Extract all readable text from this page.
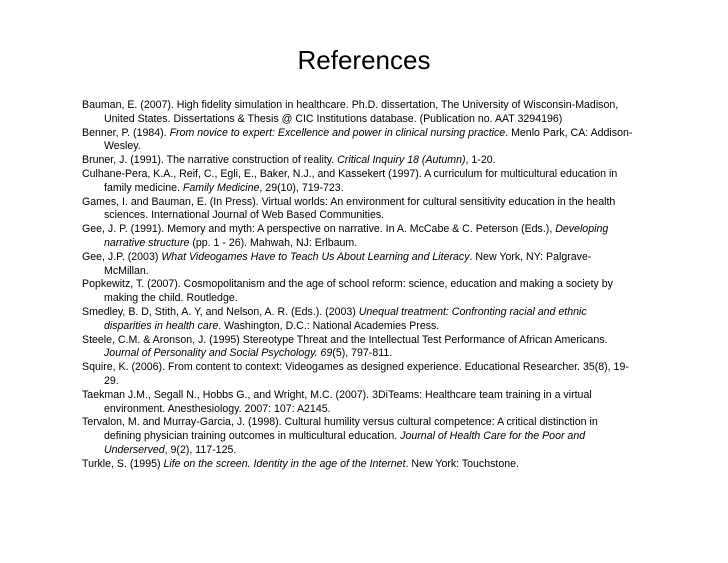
References

Bauman, E. (2007). High fidelity simulation in healthcare. Ph.D. dissertation, The University of Wisconsin-Madison, United States. Dissertations & Thesis @ CIC Institutions database. (Publication no. AAT 3294196)

Benner, P. (1984). From novice to expert: Excellence and power in clinical nursing practice. Menlo Park, CA: Addison-Wesley.

Bruner, J. (1991). The narrative construction of reality. Critical Inquiry 18 (Autumn), 1-20.

Culhane-Pera, K.A., Reif, C., Egli, E., Baker, N.J., and Kassekert (1997). A curriculum for multicultural education in family medicine. Family Medicine, 29(10), 719-723.

Games, I. and Bauman, E. (In Press). Virtual worlds: An environment for cultural sensitivity education in the health sciences. International Journal of Web Based Communities.

Gee, J. P. (1991). Memory and myth: A perspective on narrative. In A. McCabe & C. Peterson (Eds.), Developing narrative structure (pp. 1 - 26). Mahwah, NJ: Erlbaum.

Gee, J.P. (2003) What Videogames Have to Teach Us About Learning and Literacy. New York, NY: Palgrave-McMillan.

Popkewitz, T. (2007). Cosmopolitanism and the age of school reform: science, education and making a society by making the child. Routledge.

Smedley, B. D, Stith, A. Y, and Nelson, A. R. (Eds.). (2003) Unequal treatment: Confronting racial and ethnic disparities in health care. Washington, D.C.: National Academies Press.

Steele, C.M. & Aronson, J. (1995) Stereotype Threat and the Intellectual Test Performance of African Americans. Journal of Personality and Social Psychology. 69(5), 797-811.

Squire, K. (2006). From content to context: Videogames as designed experience. Educational Researcher. 35(8), 19-29.

Taekman J.M., Segall N., Hobbs G., and Wright, M.C. (2007). 3DiTeams: Healthcare team training in a virtual environment. Anesthesiology. 2007: 107: A2145.

Tervalon, M. and Murray-Garcia, J. (1998). Cultural humility versus cultural competence: A critical distinction in defining physician training outcomes in multicultural education. Journal of Health Care for the Poor and Underserved, 9(2), 117-125.

Turkle, S. (1995) Life on the screen. Identity in the age of the Internet. New York: Touchstone.
